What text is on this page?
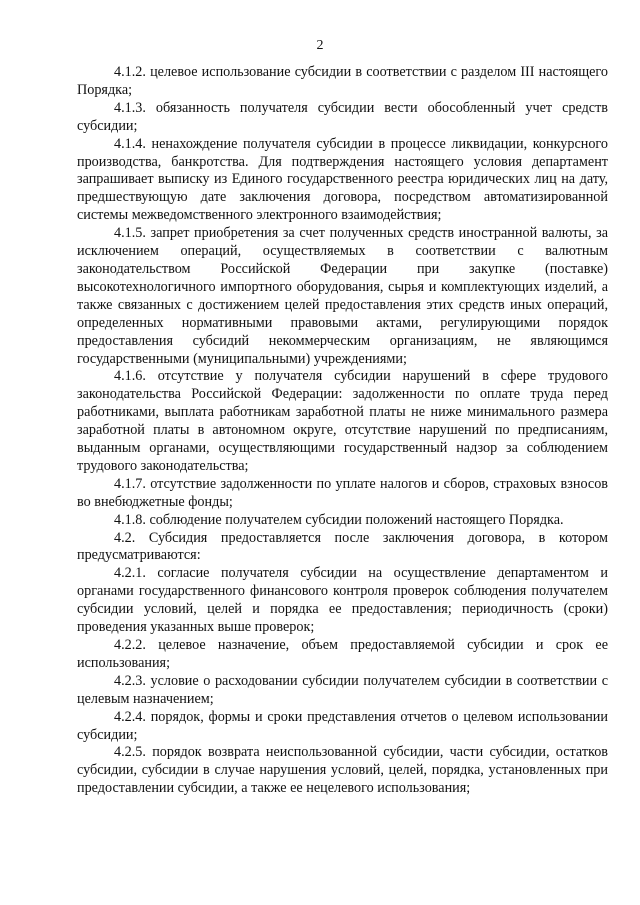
2

4.1.2. целевое использование субсидии в соответствии с разделом III настоящего Порядка;

4.1.3. обязанность получателя субсидии вести обособленный учет средств субсидии;

4.1.4. ненахождение получателя субсидии в процессе ликвидации, конкурсного производства, банкротства. Для подтверждения настоящего условия департамент запрашивает выписку из Единого государственного реестра юридических лиц на дату, предшествующую дате заключения договора, посредством автоматизированной системы межведомственного электронного взаимодействия;

4.1.5. запрет приобретения за счет полученных средств иностранной валюты, за исключением операций, осуществляемых в соответствии с валютным законодательством Российской Федерации при закупке (поставке) высокотехнологичного импортного оборудования, сырья и комплектующих изделий, а также связанных с достижением целей предоставления этих средств иных операций, определенных нормативными правовыми актами, регулирующими порядок предоставления субсидий некоммерческим организациям, не являющимся государственными (муниципальными) учреждениями;

4.1.6. отсутствие у получателя субсидии нарушений в сфере трудового законодательства Российской Федерации: задолженности по оплате труда перед работниками, выплата работникам заработной платы не ниже минимального размера заработной платы в автономном округе, отсутствие нарушений по предписаниям, выданным органами, осуществляющими государственный надзор за соблюдением трудового законодательства;

4.1.7. отсутствие задолженности по уплате налогов и сборов, страховых взносов во внебюджетные фонды;

4.1.8. соблюдение получателем субсидии положений настоящего Порядка.

4.2. Субсидия предоставляется после заключения договора, в котором предусматриваются:

4.2.1. согласие получателя субсидии на осуществление департаментом и органами государственного финансового контроля проверок соблюдения получателем субсидии условий, целей и порядка ее предоставления; периодичность (сроки) проведения указанных выше проверок;

4.2.2. целевое назначение, объем предоставляемой субсидии и срок ее использования;

4.2.3. условие о расходовании субсидии получателем субсидии в соответствии с целевым назначением;

4.2.4. порядок, формы и сроки представления отчетов о целевом использовании субсидии;

4.2.5. порядок возврата неиспользованной субсидии, части субсидии, остатков субсидии, субсидии в случае нарушения условий, целей, порядка, установленных при предоставлении субсидии, а также ее нецелевого использования;
